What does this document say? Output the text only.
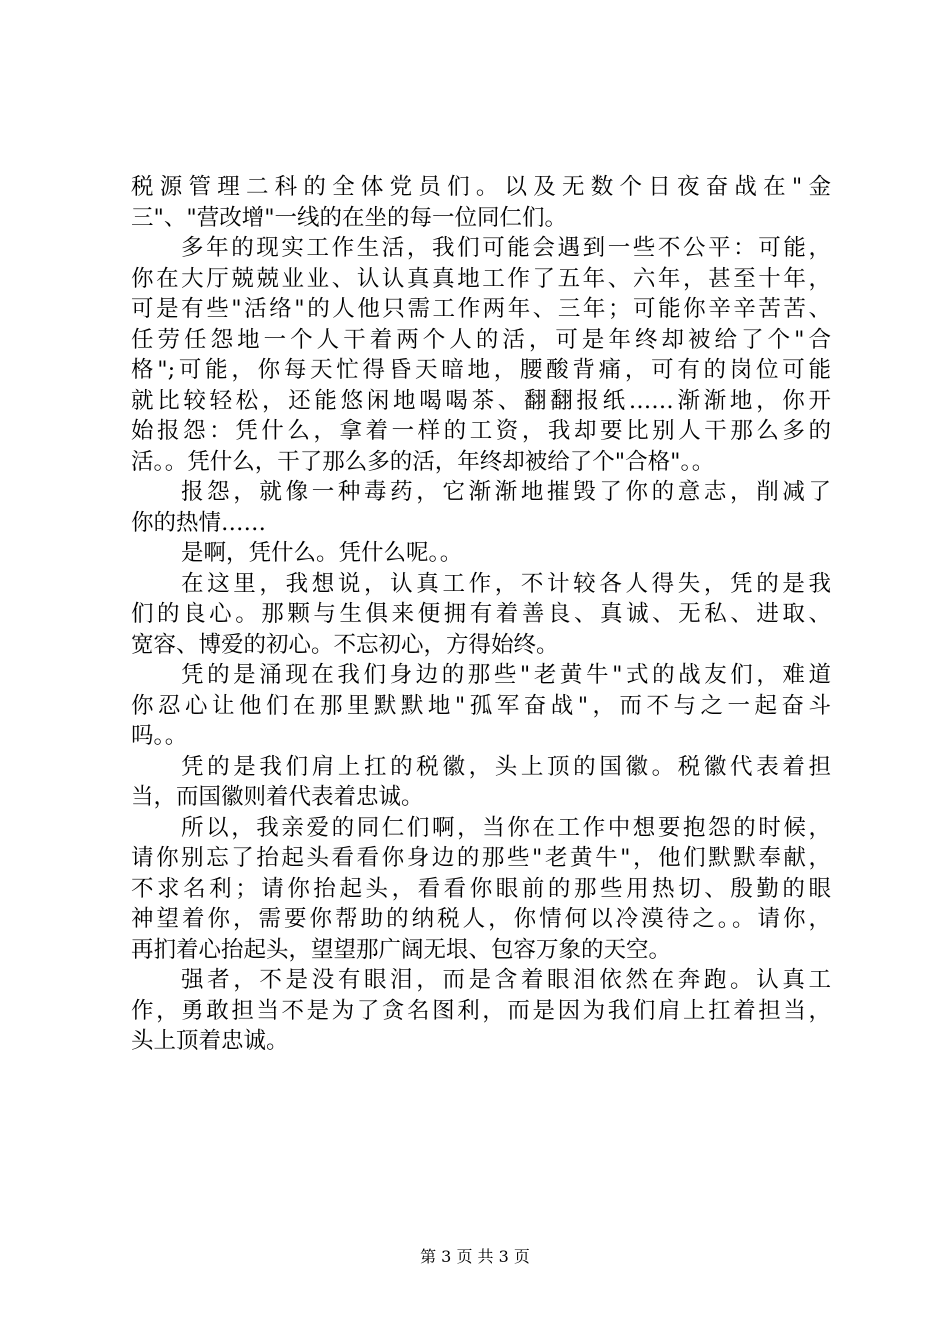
税源管理二科的全体党员们。以及无数个日夜奋战在"金
三"、"营改增"一线的在坐的每一位同仁们。
多年的现实工作生活，我们可能会遇到一些不公平：可能，
你在大厅兢兢业业、认认真真地工作了五年、六年，甚至十年，
可是有些"活络"的人他只需工作两年、三年；可能你辛辛苦苦、
任劳任怨地一个人干着两个人的活，可是年终却被给了个"合
格";可能，你每天忙得昏天暗地，腰酸背痛，可有的岗位可能
就比较轻松，还能悠闲地喝喝茶、翻翻报纸……渐渐地，你开
始报怨：凭什么，拿着一样的工资，我却要比别人干那么多的
活。。凭什么，干了那么多的活，年终却被给了个"合格"。。
报怨，就像一种毒药，它渐渐地摧毁了你的意志，削减了
你的热情……
是啊，凭什么。凭什么呢。。
在这里，我想说，认真工作，不计较各人得失，凭的是我
们的良心。那颗与生俱来便拥有着善良、真诚、无私、进取、
宽容、博爱的初心。不忘初心，方得始终。
凭的是涌现在我们身边的那些"老黄牛"式的战友们，难道
你忍心让他们在那里默默地"孤军奋战"，而不与之一起奋斗
吗。。
凭的是我们肩上扛的税徽，头上顶的国徽。税徽代表着担
当，而国徽则着代表着忠诚。
所以，我亲爱的同仁们啊，当你在工作中想要抱怨的时候，
请你别忘了抬起头看看你身边的那些"老黄牛"，他们默默奉献，
不求名利；请你抬起头，看看你眼前的那些用热切、殷勤的眼
神望着你，需要你帮助的纳税人，你情何以冷漠待之。。请你，
再扪着心抬起头，望望那广阔无垠、包容万象的天空。
强者，不是没有眼泪，而是含着眼泪依然在奔跑。认真工
作，勇敢担当不是为了贪名图利，而是因为我们肩上扛着担当，
头上顶着忠诚。
第 3 页 共 3 页
